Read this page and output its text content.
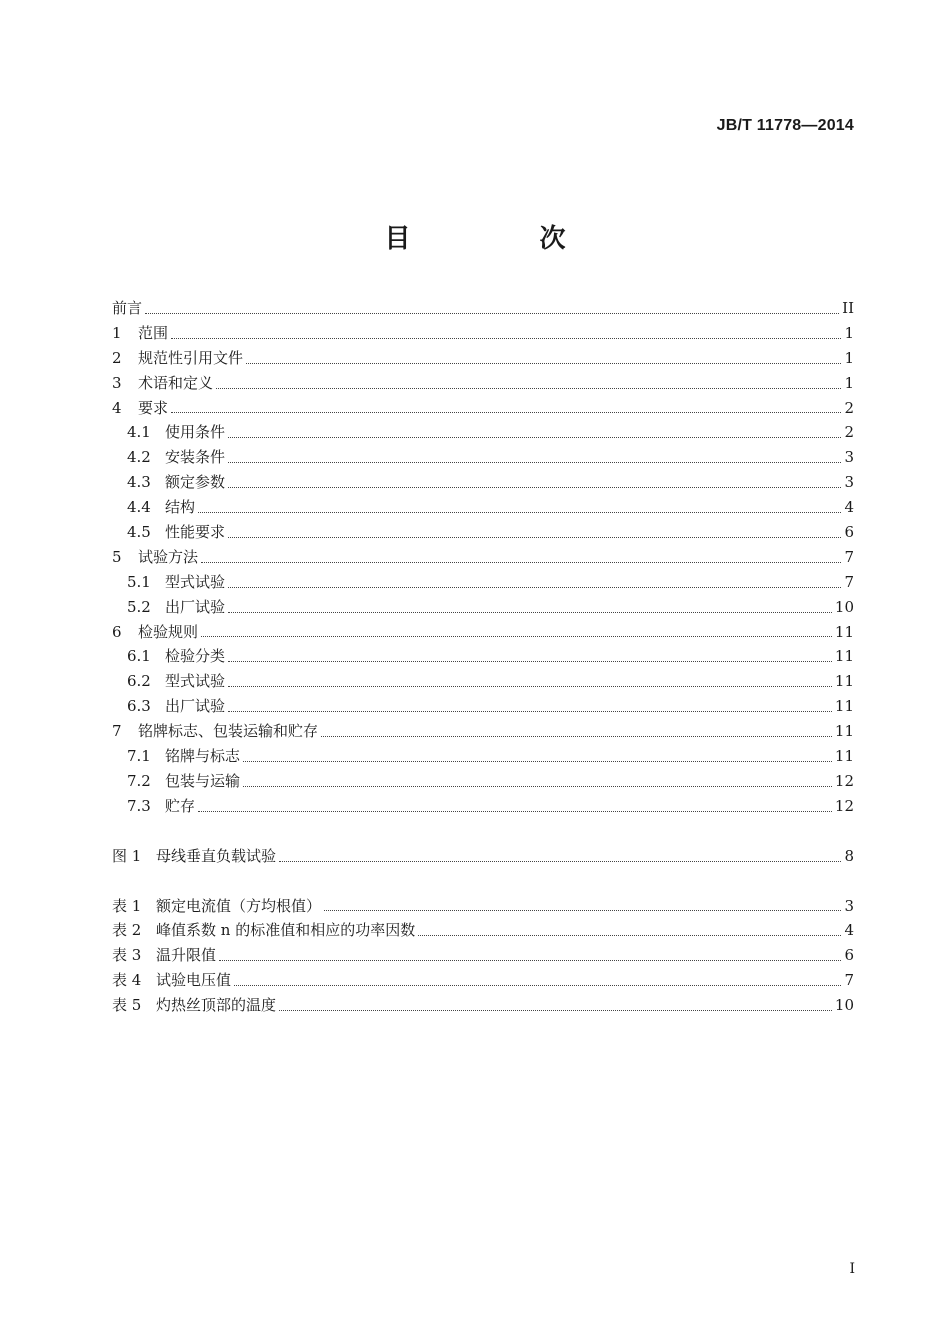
JB/T 11778—2014
目 次
前言	II
1	范围	1
2	规范性引用文件	1
3	术语和定义	1
4	要求	2
4.1 使用条件	2
4.2 安装条件	3
4.3 额定参数	3
4.4 结构	4
4.5 性能要求	6
5	试验方法	7
5.1 型式试验	7
5.2 出厂试验	10
6	检验规则	11
6.1 检验分类	11
6.2 型式试验	11
6.3 出厂试验	11
7	铭牌标志、包装运输和贮存	11
7.1 铭牌与标志	11
7.2 包装与运输	12
7.3 贮存	12
图 1 母线垂直负载试验	8
表 1 额定电流值（方均根值）	3
表 2 峰值系数 n 的标准值和相应的功率因数	4
表 3 温升限值	6
表 4 试验电压值	7
表 5 灼热丝顶部的温度	10
I
